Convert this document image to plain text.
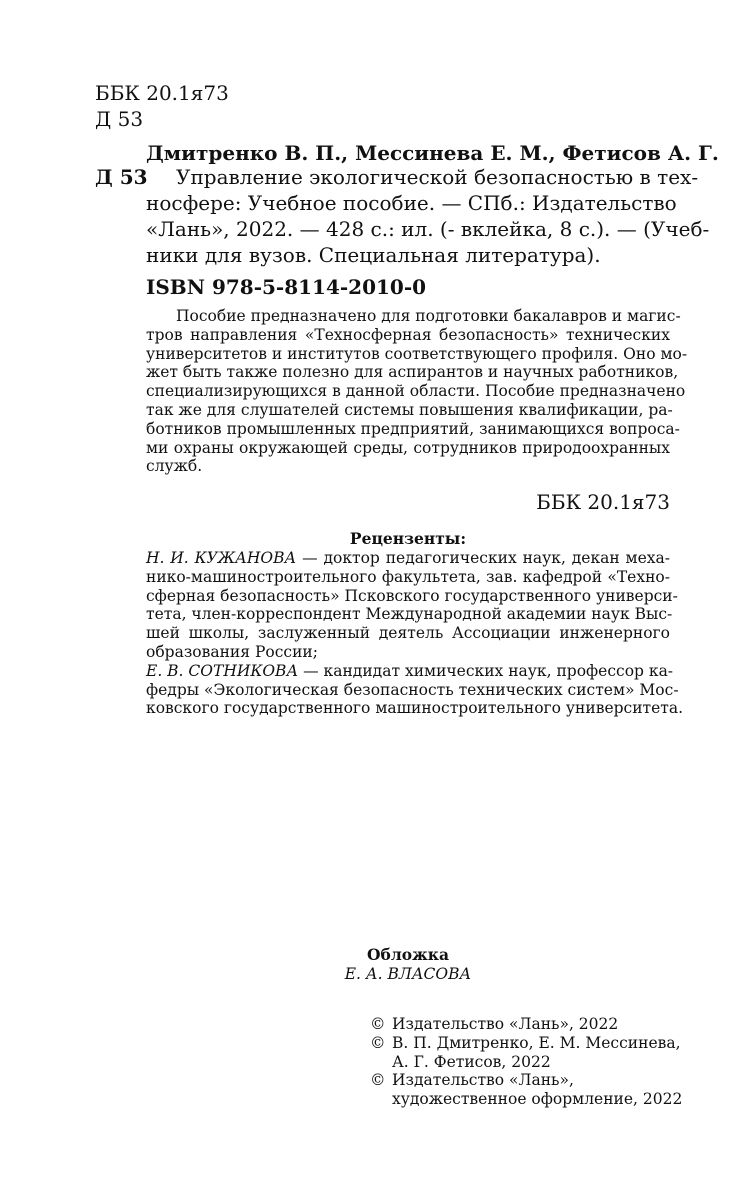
ББК 20.1я73
Д 53
Дмитренко В. П., Мессинева Е. М., Фетисов А. Г.
Д 53 Управление экологической безопасностью в тех-
носфере: Учебное пособие. — СПб.: Издательство
«Лань», 2022. — 428 с.: ил. (- вклейка, 8 с.). — (Учеб-
ники для вузов. Специальная литература).
ISBN 978-5-8114-2010-0
Пособие предназначено для подготовки бакалавров и магис-
тров направления «Техносферная безопасность» технических
университетов и институтов соответствующего профиля. Оно мо-
жет быть также полезно для аспирантов и научных работников,
специализирующихся в данной области. Пособие предназначено
так же для слушателей системы повышения квалификации, ра-
ботников промышленных предприятий, занимающихся вопроса-
ми охраны окружающей среды, сотрудников природоохранных
служб.
ББК 20.1я73
Рецензенты:
Н. И. КУЖАНОВА — доктор педагогических наук, декан меха-
нико-машиностроительного факультета, зав. кафедрой «Техно-
сферная безопасность» Псковского государственного универси-
тета, член-корреспондент Международной академии наук Выс-
шей школы, заслуженный деятель Ассоциации инженерного
образования России;
Е. В. СОТНИКОВА — кандидат химических наук, профессор ка-
федры «Экологическая безопасность технических систем» Мос-
ковского государственного машиностроительного университета.
Обложка
Е. А. ВЛАСОВА
© Издательство «Лань», 2022
© В. П. Дмитренко, Е. М. Мессинева,
А. Г. Фетисов, 2022
© Издательство «Лань»,
художественное оформление, 2022
